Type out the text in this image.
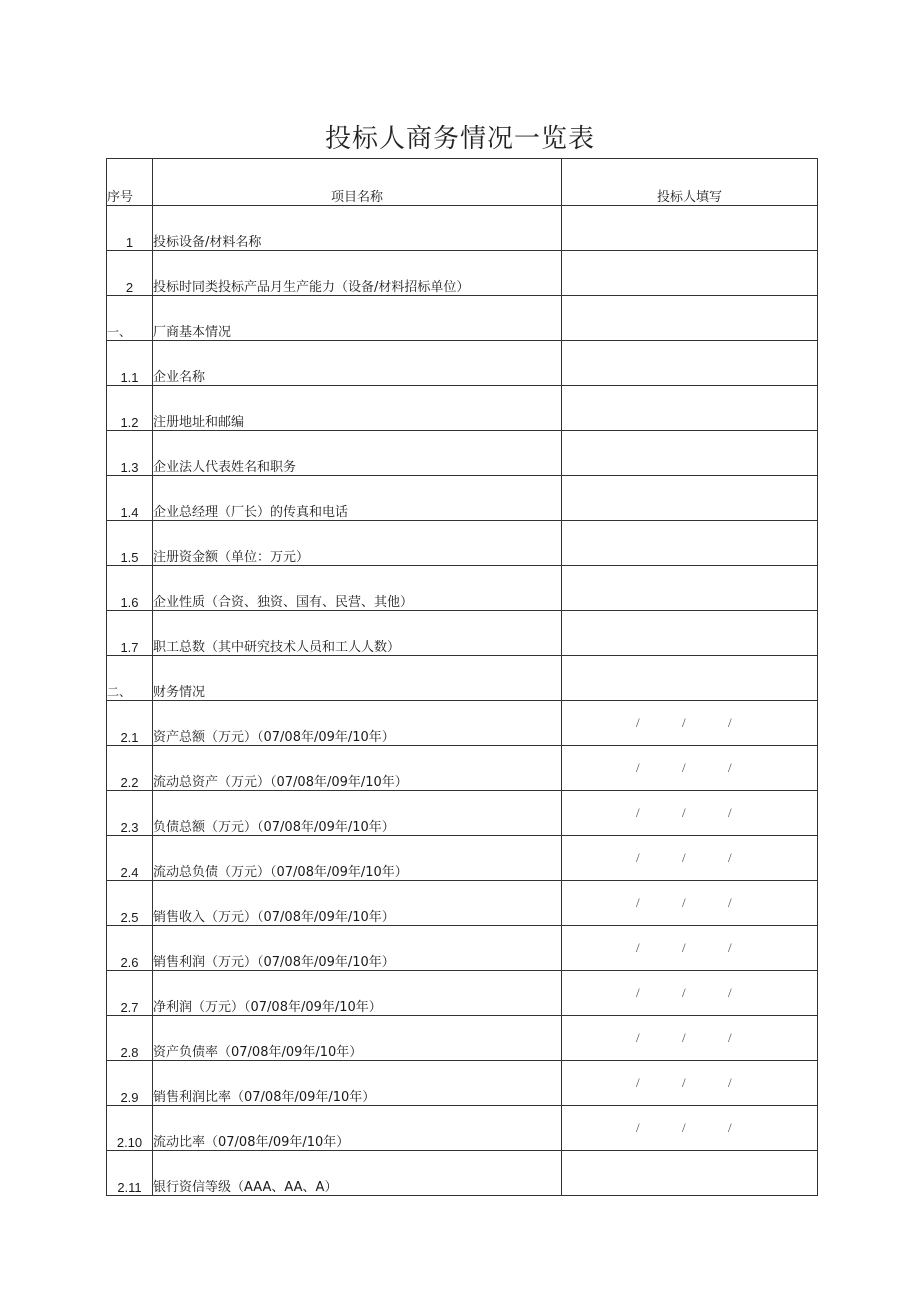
投标人商务情况一览表
序号	项目名称	投标人填写
1	投标设备/材料名称	
2	投标时同类投标产品月生产能力（设备/材料招标单位）	
一、	厂商基本情况	
1.1	企业名称	
1.2	注册地址和邮编	
1.3	企业法人代表姓名和职务	
1.4	企业总经理（厂长）的传真和电话	
1.5	注册资金额（单位：万元）	
1.6	企业性质（合资、独资、国有、民营、其他）	
1.7	职工总数（其中研究技术人员和工人人数）	
二、	财务情况	
2.1	资产总额（万元）（07/08年/09年/10年）	/ / /

2.2	流动总资产（万元）（07/08年/09年/10年）	/ / /

2.3	负债总额（万元）（07/08年/09年/10年）	/ / /

2.4	流动总负债（万元）（07/08年/09年/10年）	/ / /

2.5	销售收入（万元）（07/08年/09年/10年）	/ / /

2.6	销售利润（万元）（07/08年/09年/10年）	/ / /

2.7	净利润（万元）（07/08年/09年/10年）	/ / /

2.8	资产负债率（07/08年/09年/10年）	/ / /

2.9	销售利润比率（07/08年/09年/10年）	/ / /

2.10	流动比率（07/08年/09年/10年）	/ / /

2.11	银行资信等级（AAA、AA、A）	
